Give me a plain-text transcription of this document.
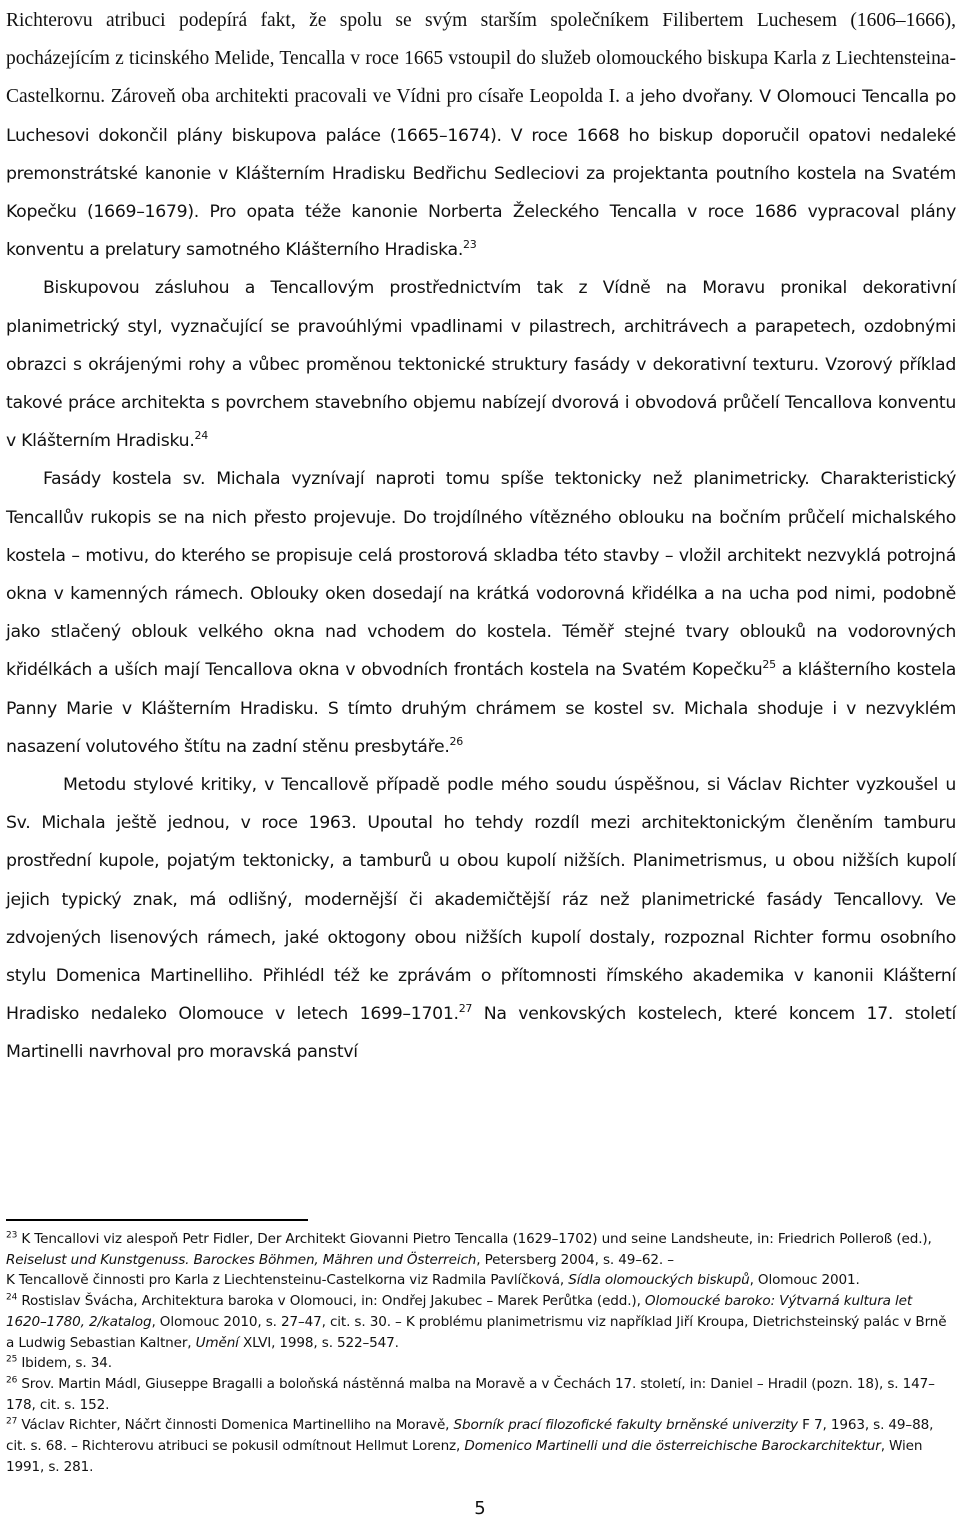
Richterovu atribuci podepírá fakt, že spolu se svým starším společníkem Filibertem Luchesem (1606–1666), pocházejícím z ticinského Melide, Tencalla v roce 1665 vstoupil do služeb olomouckého biskupa Karla z Liechtensteina-Castelkornu. Zároveň oba architekti pracovali ve Vídni pro císaře Leopolda I. a jeho dvořany. V Olomouci Tencalla po Luchesovi dokončil plány biskupova paláce (1665–1674). V roce 1668 ho biskup doporučil opatovi nedaleké premonstrátské kanonie v Klášterním Hradisku Bedřichu Sedleciovi za projektanta poutního kostela na Svatém Kopečku (1669–1679). Pro opata téže kanonie Norberta Želeckého Tencalla v roce 1686 vypracoval plány konventu a prelatury samotného Klášterního Hradiska.$^{23}$

Biskupovou zásluhou a Tencallovým prostřednictvím tak z Vídně na Moravu pronikal dekorativní planimetrický styl, vyznačující se pravoúhlými vpadlinami v pilastrech, architrávech a parapetech, ozdobnými obrazci s okrájenými rohy a vůbec proměnou tektonické struktury fasády v dekorativní texturu. Vzorový příklad takové práce architekta s povrchem stavebního objemu nabízejí dvorová i obvodová průčelí Tencallova konventu v Klášterním Hradisku.$^{24}$

Fasády kostela sv. Michala vyznívají naproti tomu spíše tektonicky než planimetricky. Charakteristický Tencallův rukopis se na nich přesto projevuje. Do trojdílného vítězného oblouku na bočním průčelí michalského kostela – motivu, do kterého se propisuje celá prostorová skladba této stavby – vložil architekt nezvyklá potrojná okna v kamenných rámech. Oblouky oken dosedají na krátká vodorovná křidélka a na ucha pod nimi, podobně jako stlačený oblouk velkého okna nad vchodem do kostela. Téměř stejné tvary oblouků na vodorovných křidélkách a uších mají Tencallova okna v obvodních frontách kostela na Svatém Kopečku$^{25}$ a klášterního kostela Panny Marie v Klášterním Hradisku. S tímto druhým chrámem se kostel sv. Michala shoduje i v nezvyklém nasazení volutového štítu na zadní stěnu presbytáře.$^{26}$

Metodu stylové kritiky, v Tencallově případě podle mého soudu úspěšnou, si Václav Richter vyzkoušel u Sv. Michala ještě jednou, v roce 1963. Upoutal ho tehdy rozdíl mezi architektonickým členěním tamburu prostřední kupole, pojatým tektonicky, a tamburů u obou kupolí nižších. Planimetrismus, u obou nižších kupolí jejich typický znak, má odlišný, modernější či akademičtější ráz než planimetrické fasády Tencallovy. Ve zdvojených lisenových rámech, jaké oktogony obou nižších kupolí dostaly, rozpoznal Richter formu osobního stylu Domenica Martinelliho. Přihlédl též ke zprávám o přítomnosti římského akademika v kanonii Klášterní Hradisko nedaleko Olomouce v letech 1699–1701.27 Na venkovských kostelech, které koncem 17. století Martinelli navrhoval pro moravská panství

$^{23}$ K Tencallovi viz alespoň Petr Fidler, Der Architekt Giovanni Pietro Tencalla (1629–1702) und seine Landsheute, in: Friedrich Polleroß (ed.), Reiselust und Kunstgenuss. Barockes Böhmen, Mähren und Österreich, Petersberg 2004, s. 49–62. –
K Tencallově činnosti pro Karla z Liechtensteinu-Castelkorna viz Radmila Pavlíčková, Sídla olomouckých biskupů, Olomouc 2001.

$^{24}$ Rostislav Švácha, Architektura baroka v Olomouci, in: Ondřej Jakubec – Marek Perůtka (edd.), Olomoucké baroko: Výtvarná kultura let 1620–1780, 2/katalog, Olomouc 2010, s. 27–47, cit. s. 30. – K problému planimetrismu viz například Jiří Kroupa, Dietrichsteinský palác v Brně a Ludwig Sebastian Kaltner, Umění XLVI, 1998, s. 522–547.

$^{25}$ Ibidem, s. 34.

$^{26}$ Srov. Martin Mádl, Giuseppe Bragalli a boloňská nástěnná malba na Moravě a v Čechách 17. století, in: Daniel – Hradil (pozn. 18), s. 147–178, cit. s. 152.

$^{27}$ Václav Richter, Náčrt činnosti Domenica Martinelliho na Moravě, Sborník prací filozofické fakulty brněnské univerzity F 7, 1963, s. 49–88, cit. s. 68. – Richterovu atribuci se pokusil odmítnout Hellmut Lorenz, Domenico Martinelli und die österreichische Barockarchitektur, Wien 1991, s. 281.

5
